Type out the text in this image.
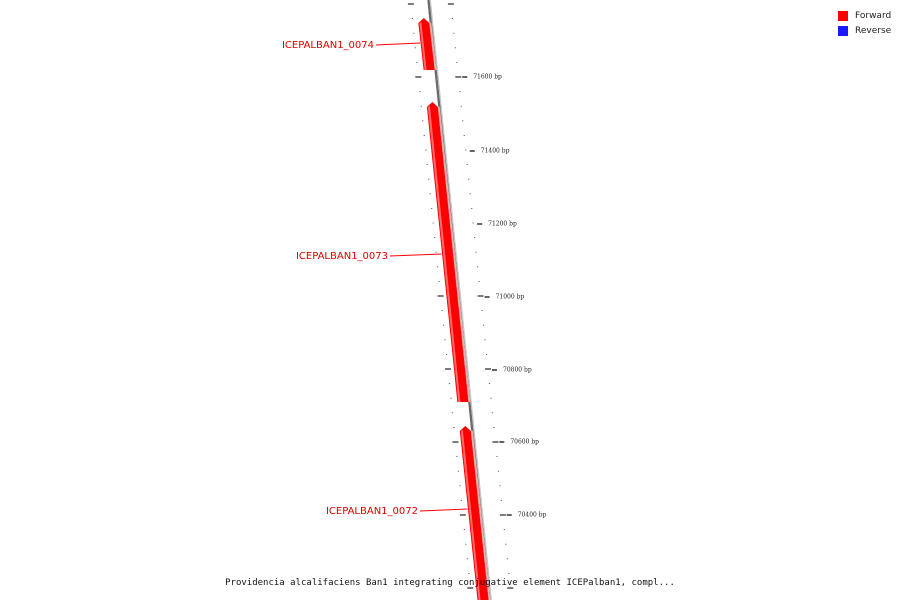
71600 bp
71400 bp
71200 bp
71000 bp
70800 bp
70600 bp
70400 bp
ICEPALBAN1_0074
ICEPALBAN1_0073
ICEPALBAN1_0072
Forward
Reverse
Providencia alcalifaciens Ban1 integrating conjugative element ICEPalban1, compl...
